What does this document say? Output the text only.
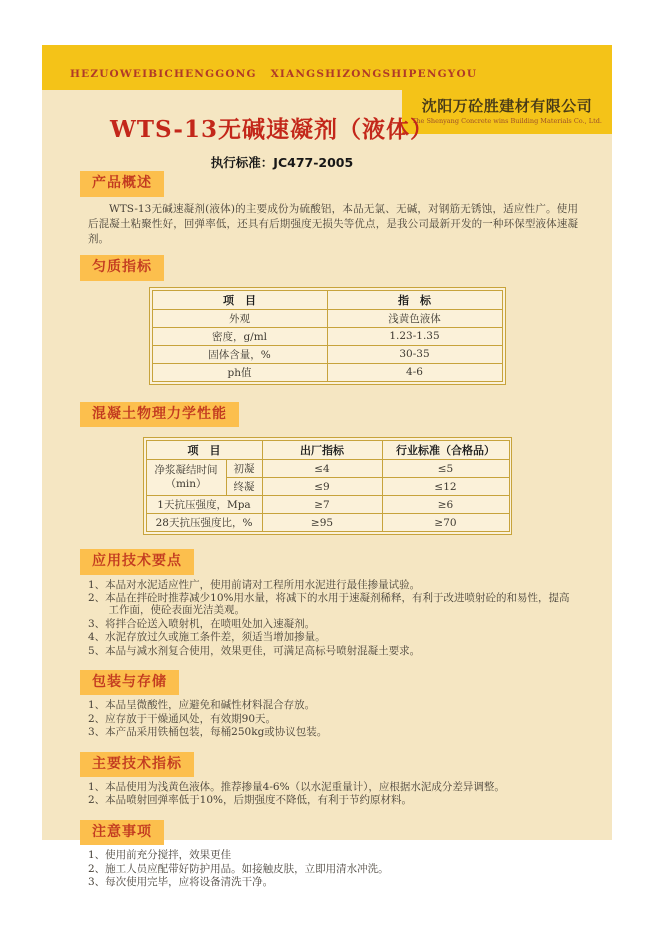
HEZUOWEIBICHENGGONG XIANGSHIZONGSHIPENGYOU
沈阳万砼胜建材有限公司
The Shenyang Concrete wins Building Materials Co., Ltd.
WTS-13无碱速凝剂（液体）
执行标准：JC477-2005
产品概述
WTS-13无碱速凝剂(液体)的主要成份为硫酸铝，本品无氯、无碱，对钢筋无锈蚀，适应性广。使用后混凝土粘聚性好，回弹率低，还具有后期强度无损失等优点，是我公司最新开发的一种环保型液体速凝剂。
匀质指标
项　目	指　标
外观	浅黄色液体
密度，g/ml	1.23-1.35
固体含量，%	30-35
ph值	4-6
混凝土物理力学性能
项　目		出厂指标	行业标准（合格品）

净浆凝结时间
（min）	初凝	≤4	≤5
	终凝	≤9	≤12
1天抗压强度，Mpa		≥7	≥6
28天抗压强度比，%		≥95	≥70
应用技术要点
1、本品对水泥适应性广，使用前请对工程所用水泥进行最佳掺量试验。
2、本品在拌砼时推荐减少10%用水量，将减下的水用于速凝剂稀释，有利于改进喷射砼的和易性，提高工作面，使砼表面光洁美观。
3、将拌合砼送入喷射机，在喷咀处加入速凝剂。
4、水泥存放过久或施工条件差，须适当增加掺量。
5、本品与减水剂复合使用，效果更佳，可满足高标号喷射混凝土要求。
包装与存储
1、本品呈微酸性，应避免和碱性材料混合存放。
2、应存放于干燥通风处，有效期90天。
3、本产品采用铁桶包装，每桶250kg或协议包装。
主要技术指标
1、本品使用为浅黄色液体。推荐掺量4-6%（以水泥重量计），应根据水泥成分差异调整。
2、本品喷射回弹率低于10%，后期强度不降低，有利于节约原材料。
注意事项
1、使用前充分搅拌，效果更佳
2、施工人员应配带好防护用品。如接触皮肤，立即用清水冲洗。
3、每次使用完毕，应将设备清洗干净。
